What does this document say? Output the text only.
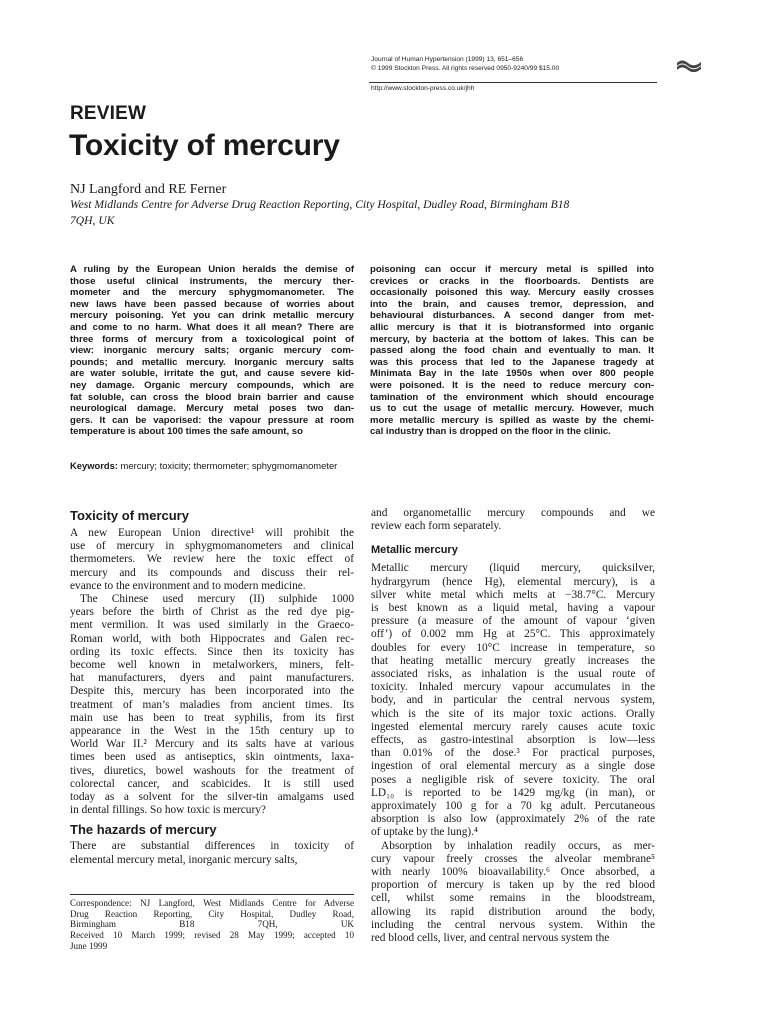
Journal of Human Hypertension (1999) 13, 651–656
© 1999 Stockton Press. All rights reserved 0950-9240/99 $15.00
http://www.stockton-press.co.uk/jhh
REVIEW
Toxicity of mercury
NJ Langford and RE Ferner
West Midlands Centre for Adverse Drug Reaction Reporting, City Hospital, Dudley Road, Birmingham B18
7QH, UK
A ruling by the European Union heralds the demise of
those useful clinical instruments, the mercury ther-
mometer and the mercury sphygmomanometer. The
new laws have been passed because of worries about
mercury poisoning. Yet you can drink metallic mercury
and come to no harm. What does it all mean? There are
three forms of mercury from a toxicological point of
view: inorganic mercury salts; organic mercury com-
pounds; and metallic mercury. Inorganic mercury salts
are water soluble, irritate the gut, and cause severe kid-
ney damage. Organic mercury compounds, which are
fat soluble, can cross the blood brain barrier and cause
neurological damage. Mercury metal poses two dan-
gers. It can be vaporised: the vapour pressure at room
temperature is about 100 times the safe amount, so
poisoning can occur if mercury metal is spilled into
crevices or cracks in the floorboards. Dentists are
occasionally poisoned this way. Mercury easily crosses
into the brain, and causes tremor, depression, and
behavioural disturbances. A second danger from met-
allic mercury is that it is biotransformed into organic
mercury, by bacteria at the bottom of lakes. This can be
passed along the food chain and eventually to man. It
was this process that led to the Japanese tragedy at
Minimata Bay in the late 1950s when over 800 people
were poisoned. It is the need to reduce mercury con-
tamination of the environment which should encourage
us to cut the usage of metallic mercury. However, much
more metallic mercury is spilled as waste by the chemi-
cal industry than is dropped on the floor in the clinic.
Keywords: mercury; toxicity; thermometer; sphygmomanometer
Toxicity of mercury
A new European Union directive¹ will prohibit the
use of mercury in sphygmomanometers and clinical
thermometers. We review here the toxic effect of
mercury and its compounds and discuss their rel-
evance to the environment and to modern medicine.
The Chinese used mercury (II) sulphide 1000
years before the birth of Christ as the red dye pig-
ment vermilion. It was used similarly in the Graeco-
Roman world, with both Hippocrates and Galen rec-
ording its toxic effects. Since then its toxicity has
become well known in metalworkers, miners, felt-
hat manufacturers, dyers and paint manufacturers.
Despite this, mercury has been incorporated into the
treatment of man’s maladies from ancient times. Its
main use has been to treat syphilis, from its first
appearance in the West in the 15th century up to
World War II.² Mercury and its salts have at various
times been used as antiseptics, skin ointments, laxa-
tives, diuretics, bowel washouts for the treatment of
colorectal cancer, and scabicides. It is still used
today as a solvent for the silver-tin amalgams used
in dental fillings. So how toxic is mercury?
The hazards of mercury
There are substantial differences in toxicity of
elemental mercury metal, inorganic mercury salts,
and organometallic mercury compounds and we
review each form separately.
Metallic mercury
Metallic mercury (liquid mercury, quicksilver,
hydrargyrum (hence Hg), elemental mercury), is a
silver white metal which melts at −38.7°C. Mercury
is best known as a liquid metal, having a vapour
pressure (a measure of the amount of vapour ‘given
off’) of 0.002 mm Hg at 25°C. This approximately
doubles for every 10°C increase in temperature, so
that heating metallic mercury greatly increases the
associated risks, as inhalation is the usual route of
toxicity. Inhaled mercury vapour accumulates in the
body, and in particular the central nervous system,
which is the site of its major toxic actions. Orally
ingested elemental mercury rarely causes acute toxic
effects, as gastro-intestinal absorption is low—less
than 0.01% of the dose.³ For practical purposes,
ingestion of oral elemental mercury as a single dose
poses a negligible risk of severe toxicity. The oral
LD₁₀ is reported to be 1429 mg/kg (in man), or
approximately 100 g for a 70 kg adult. Percutaneous
absorption is also low (approximately 2% of the rate
of uptake by the lung).⁴
Absorption by inhalation readily occurs, as mer-
cury vapour freely crosses the alveolar membrane⁵
with nearly 100% bioavailability.⁶ Once absorbed, a
proportion of mercury is taken up by the red blood
cell, whilst some remains in the bloodstream,
allowing its rapid distribution around the body,
including the central nervous system. Within the
red blood cells, liver, and central nervous system the
Correspondence: NJ Langford, West Midlands Centre for Adverse
Drug Reaction Reporting, City Hospital, Dudley Road,
Birmingham B18 7QH, UK
Received 10 March 1999; revised 28 May 1999; accepted 10
June 1999
